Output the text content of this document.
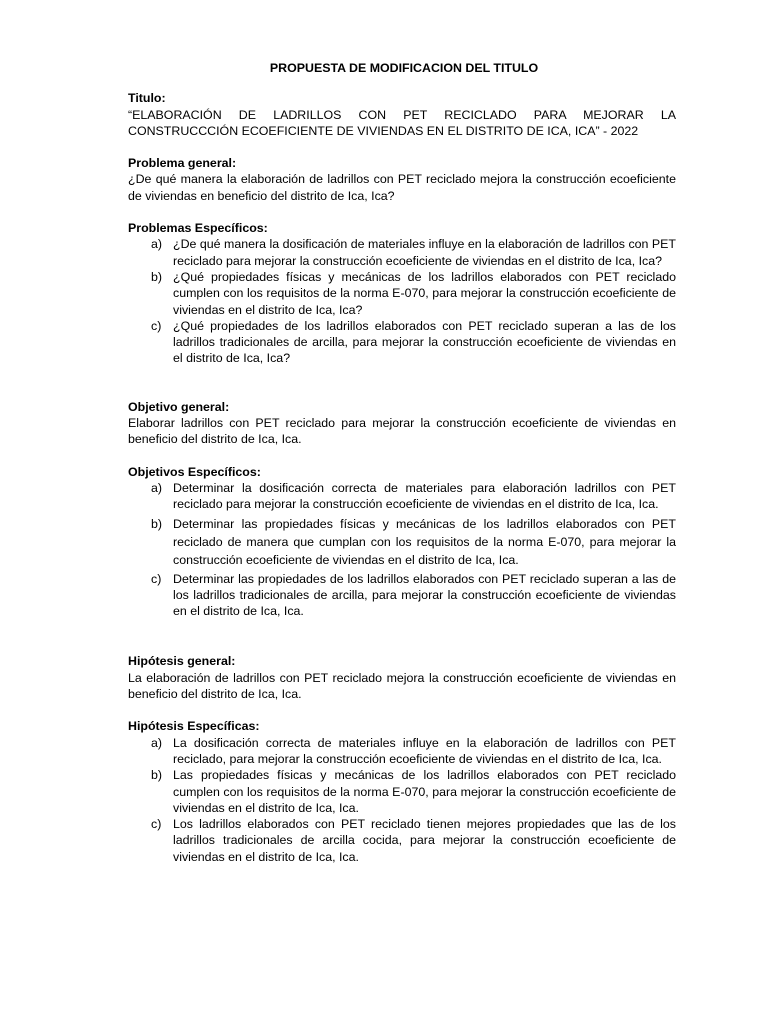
PROPUESTA DE MODIFICACION DEL TITULO
Titulo:
“ELABORACIÓN DE LADRILLOS CON PET RECICLADO PARA MEJORAR LA CONSTRUCCCIÓN ECOEFICIENTE DE VIVIENDAS EN EL DISTRITO DE ICA, ICA” - 2022
Problema general:
¿De qué manera la elaboración de ladrillos con PET reciclado mejora la construcción ecoeficiente de viviendas en beneficio del distrito de Ica, Ica?
Problemas Específicos:
a) ¿De qué manera la dosificación de materiales influye en la elaboración de ladrillos con PET reciclado para mejorar la construcción ecoeficiente de viviendas en el distrito de Ica, Ica?
b) ¿Qué propiedades físicas y mecánicas de los ladrillos elaborados con PET reciclado cumplen con los requisitos de la norma E-070, para mejorar la construcción ecoeficiente de viviendas en el distrito de Ica, Ica?
c) ¿Qué propiedades de los ladrillos elaborados con PET reciclado superan a las de los ladrillos tradicionales de arcilla, para mejorar la construcción ecoeficiente de viviendas en el distrito de Ica, Ica?
Objetivo general:
Elaborar ladrillos con PET reciclado para mejorar la construcción ecoeficiente de viviendas en beneficio del distrito de Ica, Ica.
Objetivos Específicos:
a) Determinar la dosificación correcta de materiales para elaboración ladrillos con PET reciclado para mejorar la construcción ecoeficiente de viviendas en el distrito de Ica, Ica.
b) Determinar las propiedades físicas y mecánicas de los ladrillos elaborados con PET reciclado de manera que cumplan con los requisitos de la norma E-070, para mejorar la construcción ecoeficiente de viviendas en el distrito de Ica, Ica.
c) Determinar las propiedades de los ladrillos elaborados con PET reciclado superan a las de los ladrillos tradicionales de arcilla, para mejorar la construcción ecoeficiente de viviendas en el distrito de Ica, Ica.
Hipótesis general:
La elaboración de ladrillos con PET reciclado mejora la construcción ecoeficiente de viviendas en beneficio del distrito de Ica, Ica.
Hipótesis Específicas:
a) La dosificación correcta de materiales influye en la elaboración de ladrillos con PET reciclado, para mejorar la construcción ecoeficiente de viviendas en el distrito de Ica, Ica.
b) Las propiedades físicas y mecánicas de los ladrillos elaborados con PET reciclado cumplen con los requisitos de la norma E-070, para mejorar la construcción ecoeficiente de viviendas en el distrito de Ica, Ica.
c) Los ladrillos elaborados con PET reciclado tienen mejores propiedades que las de los ladrillos tradicionales de arcilla cocida, para mejorar la construcción ecoeficiente de viviendas en el distrito de Ica, Ica.
